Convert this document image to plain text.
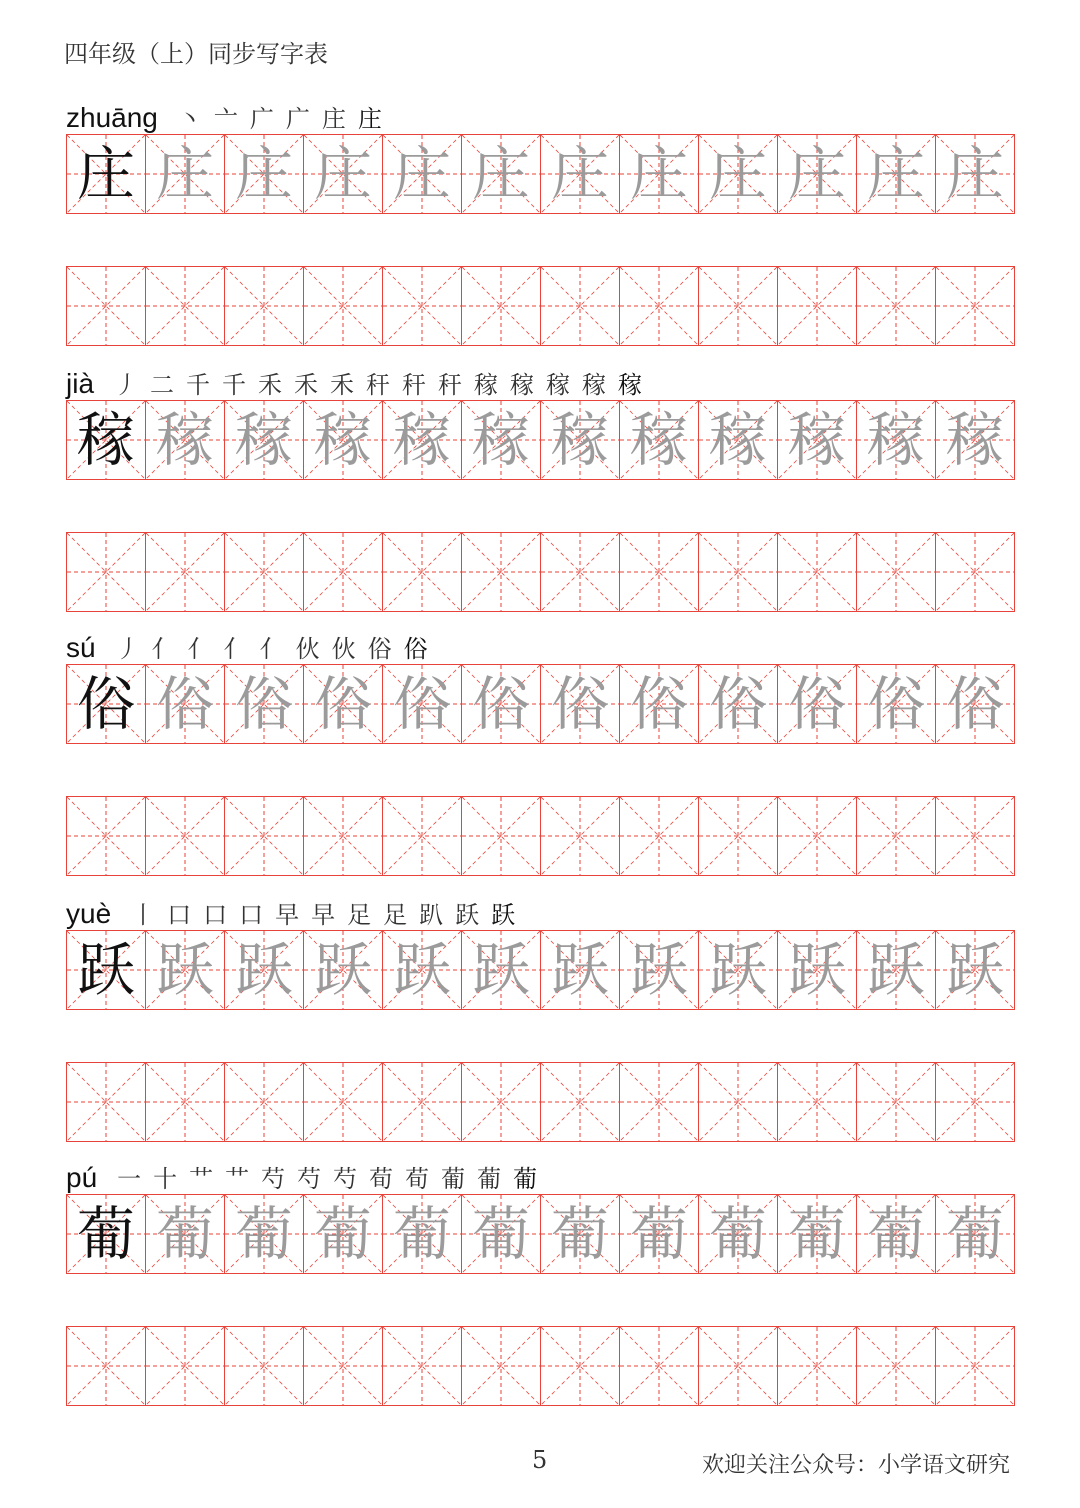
四年级（上）同步写字表
zhuāng 丶 亠 广 广 庄 庄
庄 庄 庄 庄 庄 庄 庄 庄 庄 庄 庄 庄
jià 丿 二 千 千 禾 禾 禾 秆 秆 秆 稼 稼 稼 稼 稼
稼 稼 稼 稼 稼 稼 稼 稼 稼 稼 稼 稼
sú 丿 亻 亻 亻 亻 伙 伙 俗 俗
俗 俗 俗 俗 俗 俗 俗 俗 俗 俗 俗 俗
yuè 丨 口 口 口 早 早 足 足 趴 跃 跃
跃 跃 跃 跃 跃 跃 跃 跃 跃 跃 跃 跃
pú 一 十 艹 艹 芍 芍 芍 荀 荀 葡 葡 葡
葡 葡 葡 葡 葡 葡 葡 葡 葡 葡 葡 葡
5	欢迎关注公众号：小学语文研究
